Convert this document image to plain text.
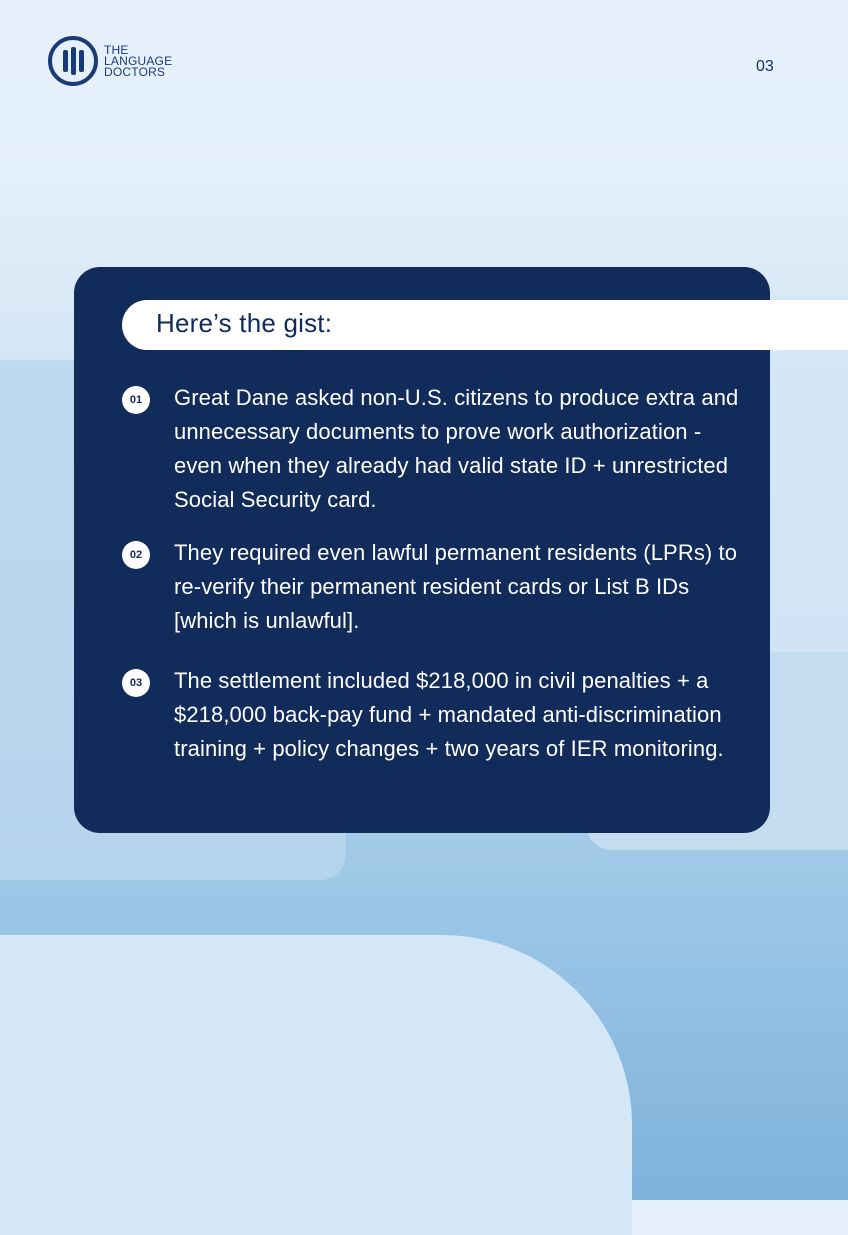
THE
LANGUAGE
DOCTORS	03
Here’s the gist:
01	Great Dane asked non-U.S. citizens to produce extra and unnecessary documents to prove work authorization - even when they already had valid state ID + unrestricted Social Security card.
02	They required even lawful permanent residents (LPRs) to re-verify their permanent resident cards or List B IDs [which is unlawful].
03	The settlement included $218,000 in civil penalties + a $218,000 back-pay fund + mandated anti-discrimination training + policy changes + two years of IER monitoring.
